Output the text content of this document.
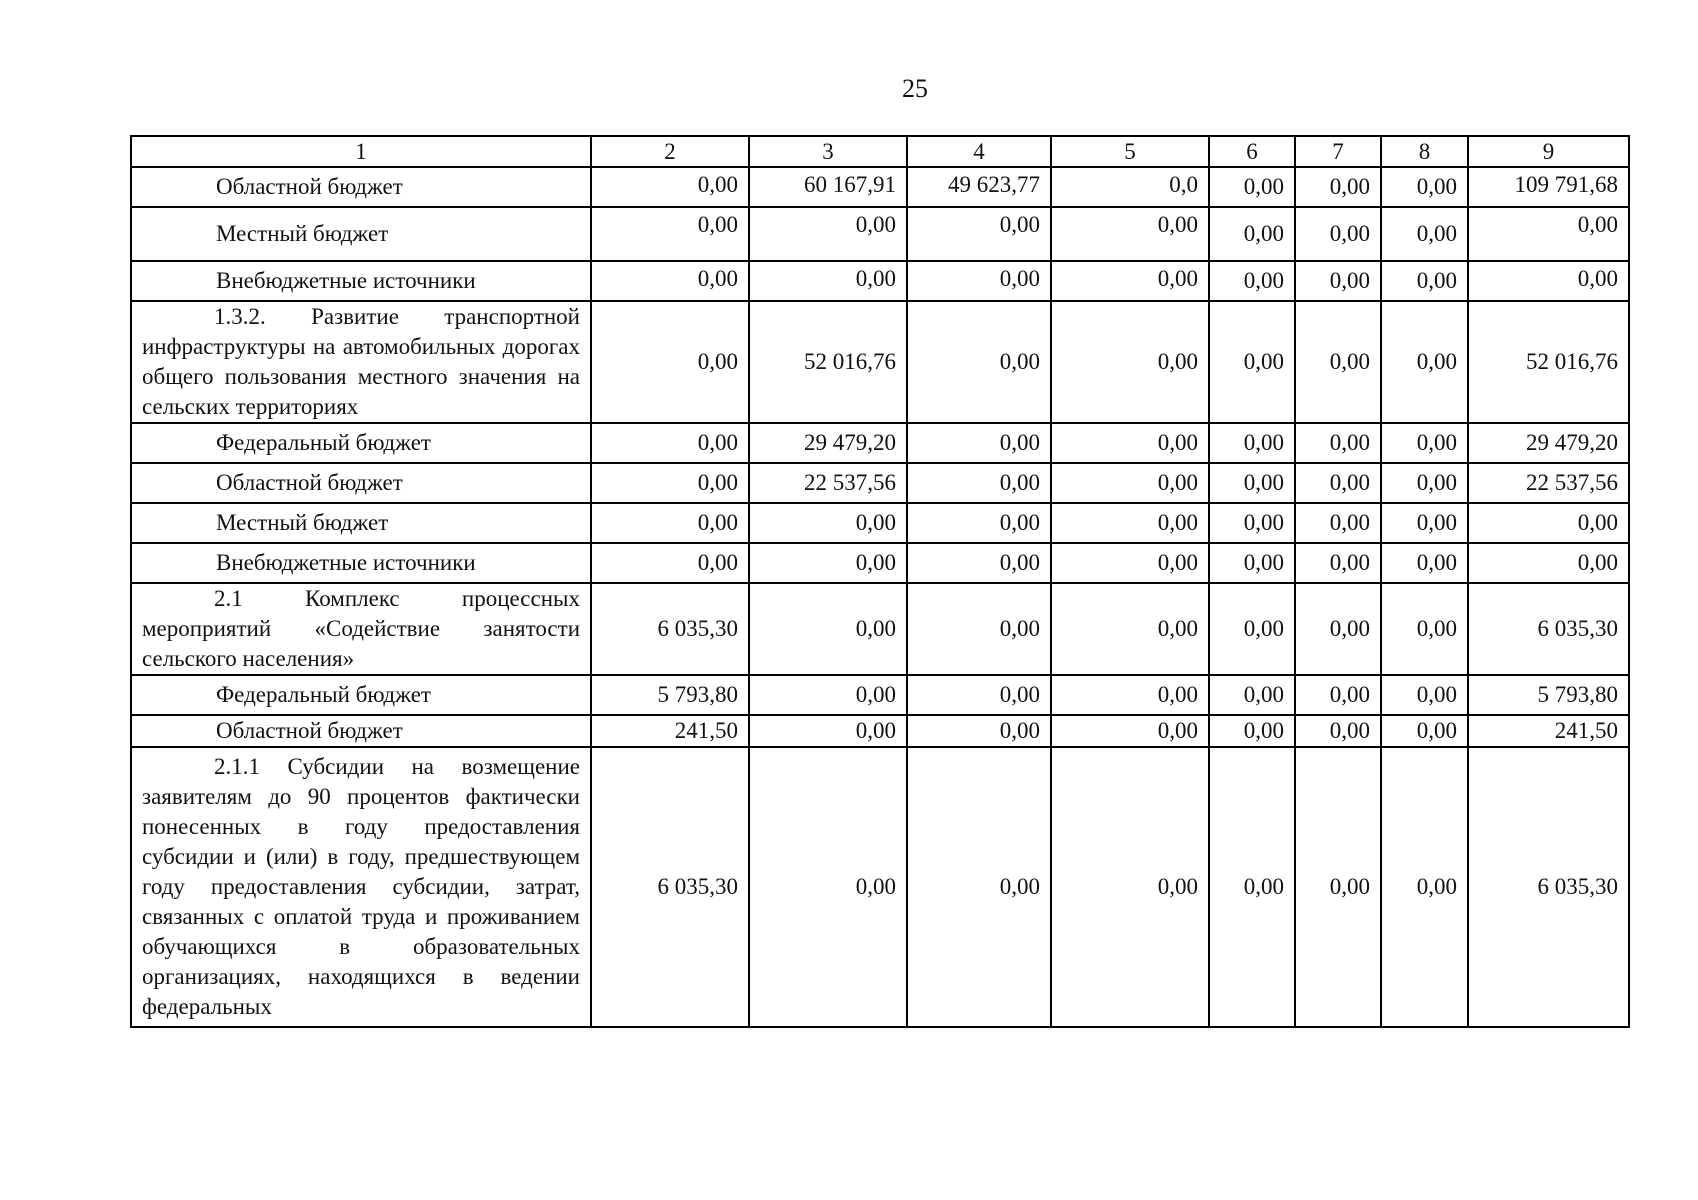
25
1	2	3	4	5	6	7	8	9

Областной бюджет	0,00	60 167,91	49 623,77	0,0	0,00	0,00	0,00	109 791,68

Местный бюджет	0,00	0,00	0,00	0,00	0,00	0,00	0,00	0,00

Внебюджетные источники	0,00	0,00	0,00	0,00	0,00	0,00	0,00	0,00

1.3.2. Развитие транспортной инфраструктуры на автомобильных дорогах общего пользования местного значения на сельских территориях	0,00	52 016,76	0,00	0,00	0,00	0,00	0,00	52 016,76

Федеральный бюджет	0,00	29 479,20	0,00	0,00	0,00	0,00	0,00	29 479,20

Областной бюджет	0,00	22 537,56	0,00	0,00	0,00	0,00	0,00	22 537,56

Местный бюджет	0,00	0,00	0,00	0,00	0,00	0,00	0,00	0,00

Внебюджетные источники	0,00	0,00	0,00	0,00	0,00	0,00	0,00	0,00

2.1 Комплекс процессных мероприятий «Содействие занятости сельского населения»	6 035,30	0,00	0,00	0,00	0,00	0,00	0,00	6 035,30

Федеральный бюджет	5 793,80	0,00	0,00	0,00	0,00	0,00	0,00	5 793,80

Областной бюджет	241,50	0,00	0,00	0,00	0,00	0,00	0,00	241,50

2.1.1 Субсидии на возмещение заявителям до 90 процентов фактически понесенных в году предоставления субсидии и (или) в году, предшествующем году предоставления субсидии, затрат, связанных с оплатой труда и проживанием обучающихся в образовательных организациях, находящихся в ведении федеральных	6 035,30	0,00	0,00	0,00	0,00	0,00	0,00	6 035,30
